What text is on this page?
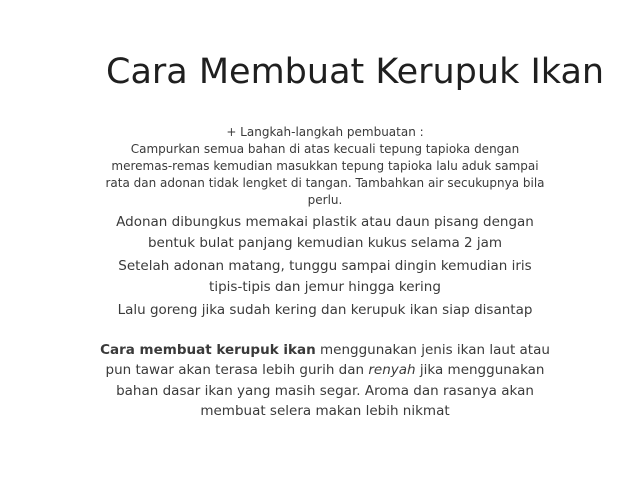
Cara Membuat Kerupuk Ikan

+ Langkah-langkah pembuatan :

Campurkan semua bahan di atas kecuali tepung tapioka dengan meremas-remas kemudian masukkan tepung tapioka lalu aduk sampai rata dan adonan tidak lengket di tangan. Tambahkan air secukupnya bila perlu.

Adonan dibungkus memakai plastik atau daun pisang dengan bentuk bulat panjang kemudian kukus selama 2 jam

Setelah adonan matang, tunggu sampai dingin kemudian iris tipis-tipis dan jemur hingga kering

Lalu goreng jika sudah kering dan kerupuk ikan siap disantap

Cara membuat kerupuk ikan menggunakan jenis ikan laut atau pun tawar akan terasa lebih gurih dan renyah jika menggunakan bahan dasar ikan yang masih segar. Aroma dan rasanya akan membuat selera makan lebih nikmat
